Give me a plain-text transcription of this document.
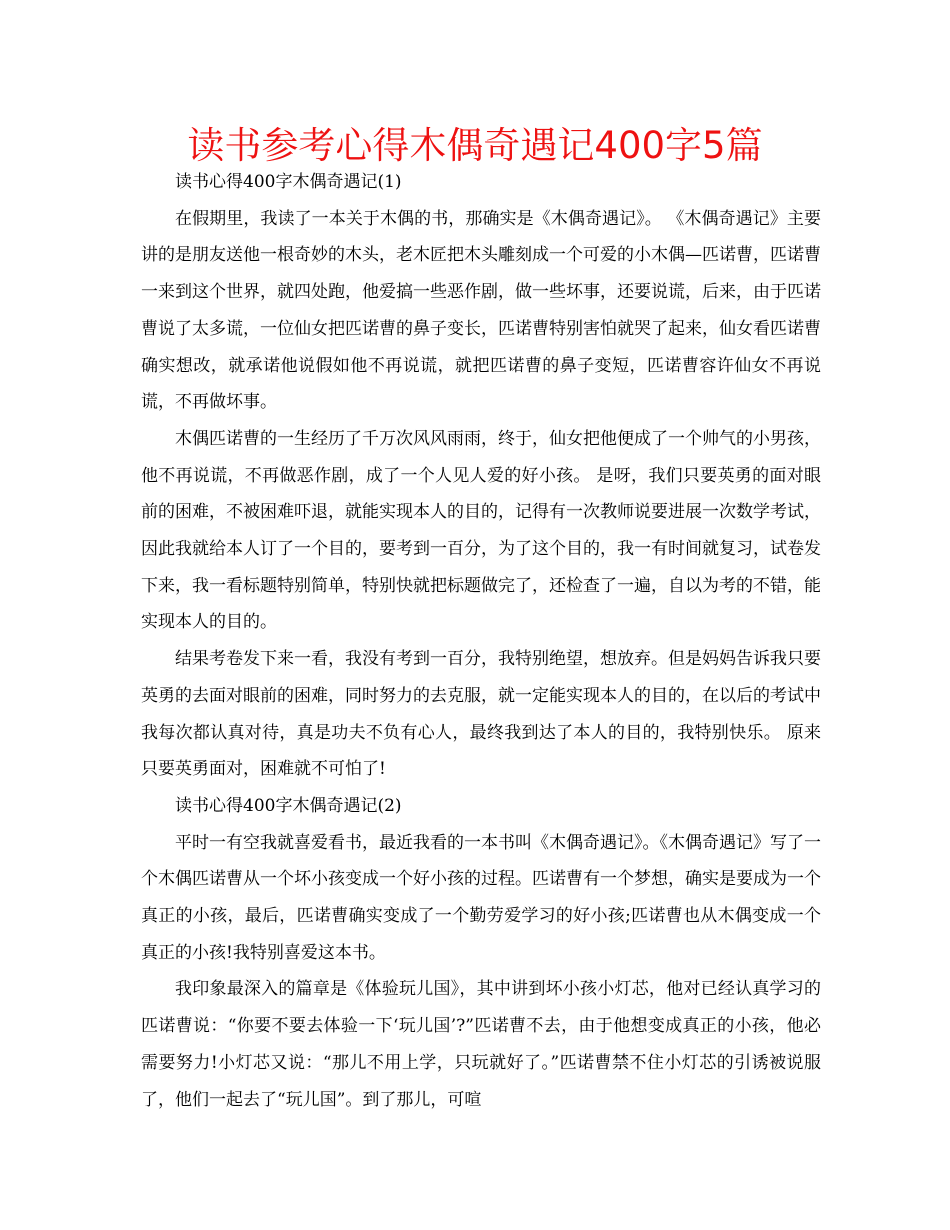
读书参考心得木偶奇遇记400字5篇

读书心得400字木偶奇遇记(1)

在假期里，我读了一本关于木偶的书，那确实是《木偶奇遇记》。 《木偶奇遇记》主要讲的是朋友送他一根奇妙的木头，老木匠把木头雕刻成一个可爱的小木偶—匹诺曹，匹诺曹一来到这个世界，就四处跑，他爱搞一些恶作剧，做一些坏事，还要说谎，后来，由于匹诺曹说了太多谎，一位仙女把匹诺曹的鼻子变长，匹诺曹特别害怕就哭了起来，仙女看匹诺曹确实想改，就承诺他说假如他不再说谎，就把匹诺曹的鼻子变短，匹诺曹容许仙女不再说谎，不再做坏事。

木偶匹诺曹的一生经历了千万次风风雨雨，终于，仙女把他便成了一个帅气的小男孩，他不再说谎，不再做恶作剧，成了一个人见人爱的好小孩。 是呀，我们只要英勇的面对眼前的困难，不被困难吓退，就能实现本人的目的，记得有一次教师说要进展一次数学考试，因此我就给本人订了一个目的，要考到一百分，为了这个目的，我一有时间就复习，试卷发下来，我一看标题特别简单，特别快就把标题做完了，还检查了一遍，自以为考的不错，能实现本人的目的。

结果考卷发下来一看，我没有考到一百分，我特别绝望，想放弃。但是妈妈告诉我只要英勇的去面对眼前的困难，同时努力的去克服，就一定能实现本人的目的，在以后的考试中我每次都认真对待，真是功夫不负有心人，最终我到达了本人的目的，我特别快乐。 原来只要英勇面对，困难就不可怕了!

读书心得400字木偶奇遇记(2)

平时一有空我就喜爱看书，最近我看的一本书叫《木偶奇遇记》。《木偶奇遇记》写了一个木偶匹诺曹从一个坏小孩变成一个好小孩的过程。匹诺曹有一个梦想，确实是要成为一个真正的小孩，最后，匹诺曹确实变成了一个勤劳爱学习的好小孩;匹诺曹也从木偶变成一个真正的小孩!我特别喜爱这本书。

我印象最深入的篇章是《体验玩儿国》，其中讲到坏小孩小灯芯，他对已经认真学习的匹诺曹说：“你要不要去体验一下‘玩儿国’?”匹诺曹不去，由于他想变成真正的小孩，他必需要努力!小灯芯又说：“那儿不用上学，只玩就好了。”匹诺曹禁不住小灯芯的引诱被说服了，他们一起去了“玩儿国”。到了那儿，可喧
